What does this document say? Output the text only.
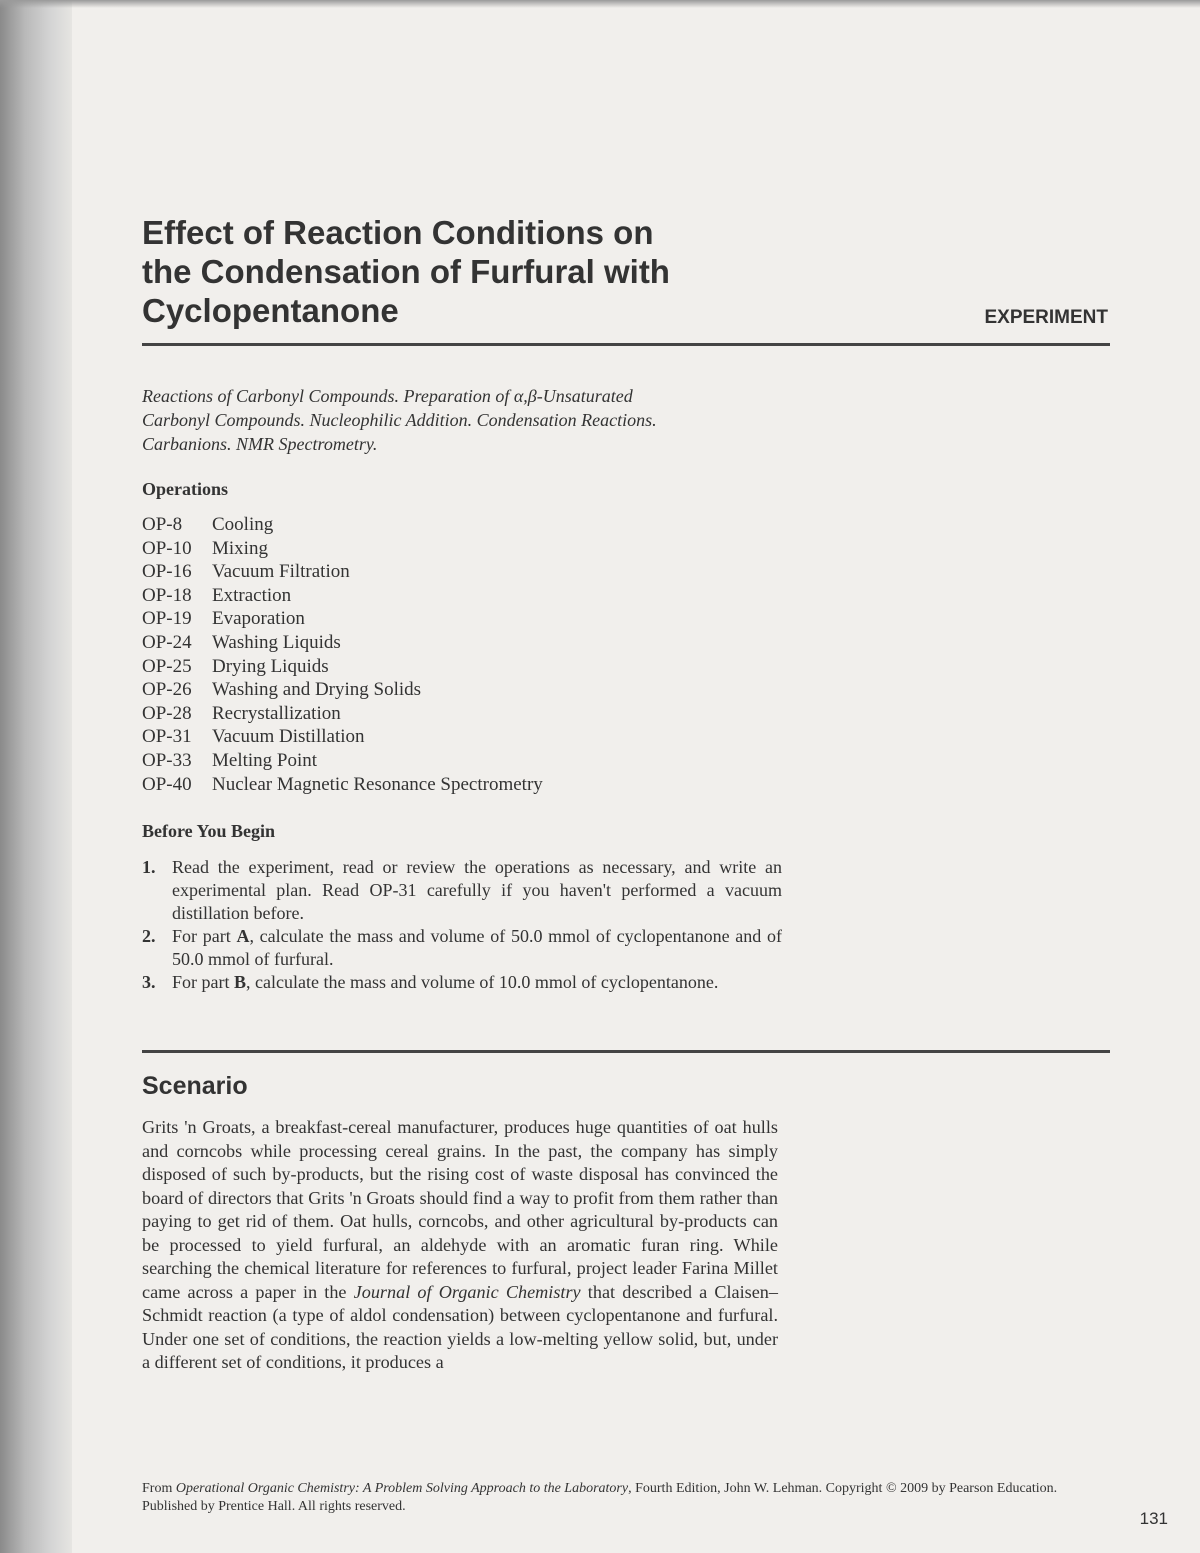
Effect of Reaction Conditions on
the Condensation of Furfural with
Cyclopentanone	EXPERIMENT
Reactions of Carbonyl Compounds. Preparation of α,β-Unsaturated
Carbonyl Compounds. Nucleophilic Addition. Condensation Reactions.
Carbanions. NMR Spectrometry.
Operations
OP-8	Cooling
OP-10	Mixing
OP-16	Vacuum Filtration
OP-18	Extraction
OP-19	Evaporation
OP-24	Washing Liquids
OP-25	Drying Liquids
OP-26	Washing and Drying Solids
OP-28	Recrystallization
OP-31	Vacuum Distillation
OP-33	Melting Point
OP-40	Nuclear Magnetic Resonance Spectrometry
Before You Begin
1. Read the experiment, read or review the operations as necessary, and write an experimental plan. Read OP-31 carefully if you haven't performed a vacuum distillation before.
2. For part A, calculate the mass and volume of 50.0 mmol of cyclopentanone and of 50.0 mmol of furfural.
3. For part B, calculate the mass and volume of 10.0 mmol of cyclopentanone.
Scenario
Grits 'n Groats, a breakfast-cereal manufacturer, produces huge quantities of oat hulls and corncobs while processing cereal grains. In the past, the company has simply disposed of such by-products, but the rising cost of waste disposal has convinced the board of directors that Grits 'n Groats should find a way to profit from them rather than paying to get rid of them. Oat hulls, corncobs, and other agricultural by-products can be processed to yield furfural, an aldehyde with an aromatic furan ring. While searching the chemical literature for references to furfural, project leader Farina Millet came across a paper in the Journal of Organic Chemistry that described a Claisen–Schmidt reaction (a type of aldol condensation) between cyclopentanone and furfural. Under one set of conditions, the reaction yields a low-melting yellow solid, but, under a different set of conditions, it produces a
From Operational Organic Chemistry: A Problem Solving Approach to the Laboratory, Fourth Edition, John W. Lehman. Copyright © 2009 by Pearson Education. Published by Prentice Hall. All rights reserved.
131
